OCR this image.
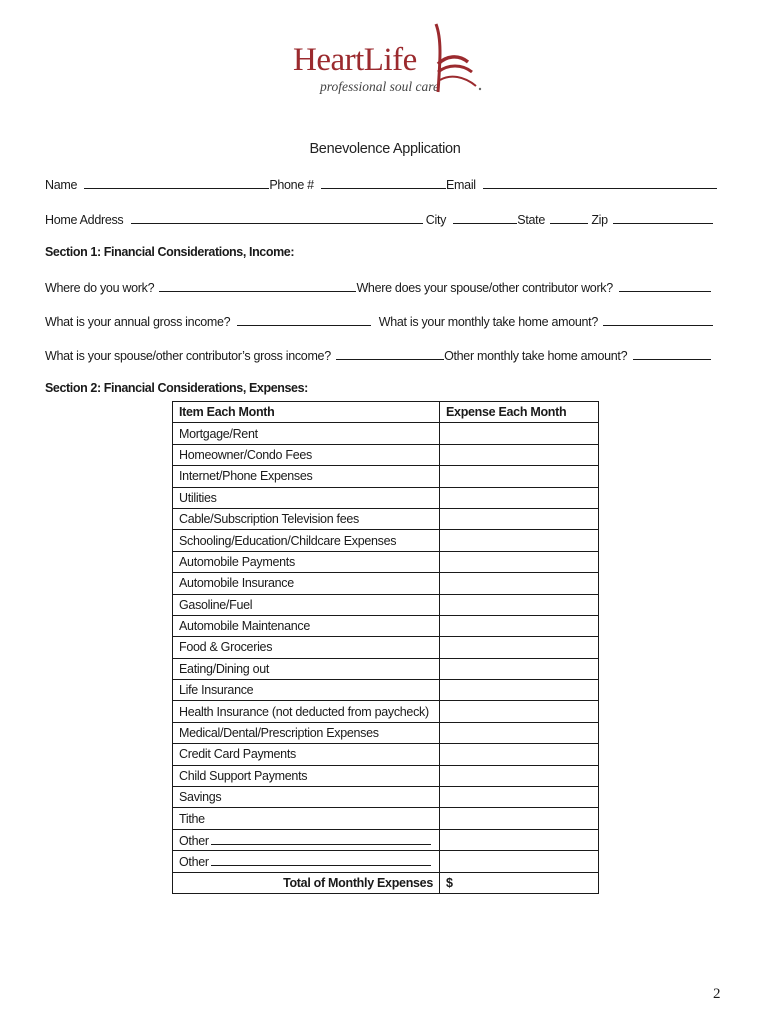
HeartLife
professional soul care
Benevolence Application
Name	Phone #	Email
Home Address	City	State	Zip
Section 1: Financial Considerations, Income:
Where do you work?	Where does your spouse/other contributor work?
What is your annual gross income?	What is your monthly take home amount?
What is your spouse/other contributor’s gross income?	Other monthly take home amount?
Section 2: Financial Considerations, Expenses:
Item Each Month	Expense Each Month
Mortgage/Rent	
Homeowner/Condo Fees	
Internet/Phone Expenses	
Utilities	
Cable/Subscription Television fees	
Schooling/Education/Childcare Expenses	
Automobile Payments	
Automobile Insurance	
Gasoline/Fuel	
Automobile Maintenance	
Food & Groceries	
Eating/Dining out	
Life Insurance	
Health Insurance (not deducted from paycheck)	
Medical/Dental/Prescription Expenses	
Credit Card Payments	
Child Support Payments	
Savings	
Tithe	
Other	
Other	
Total of Monthly Expenses	$
2
